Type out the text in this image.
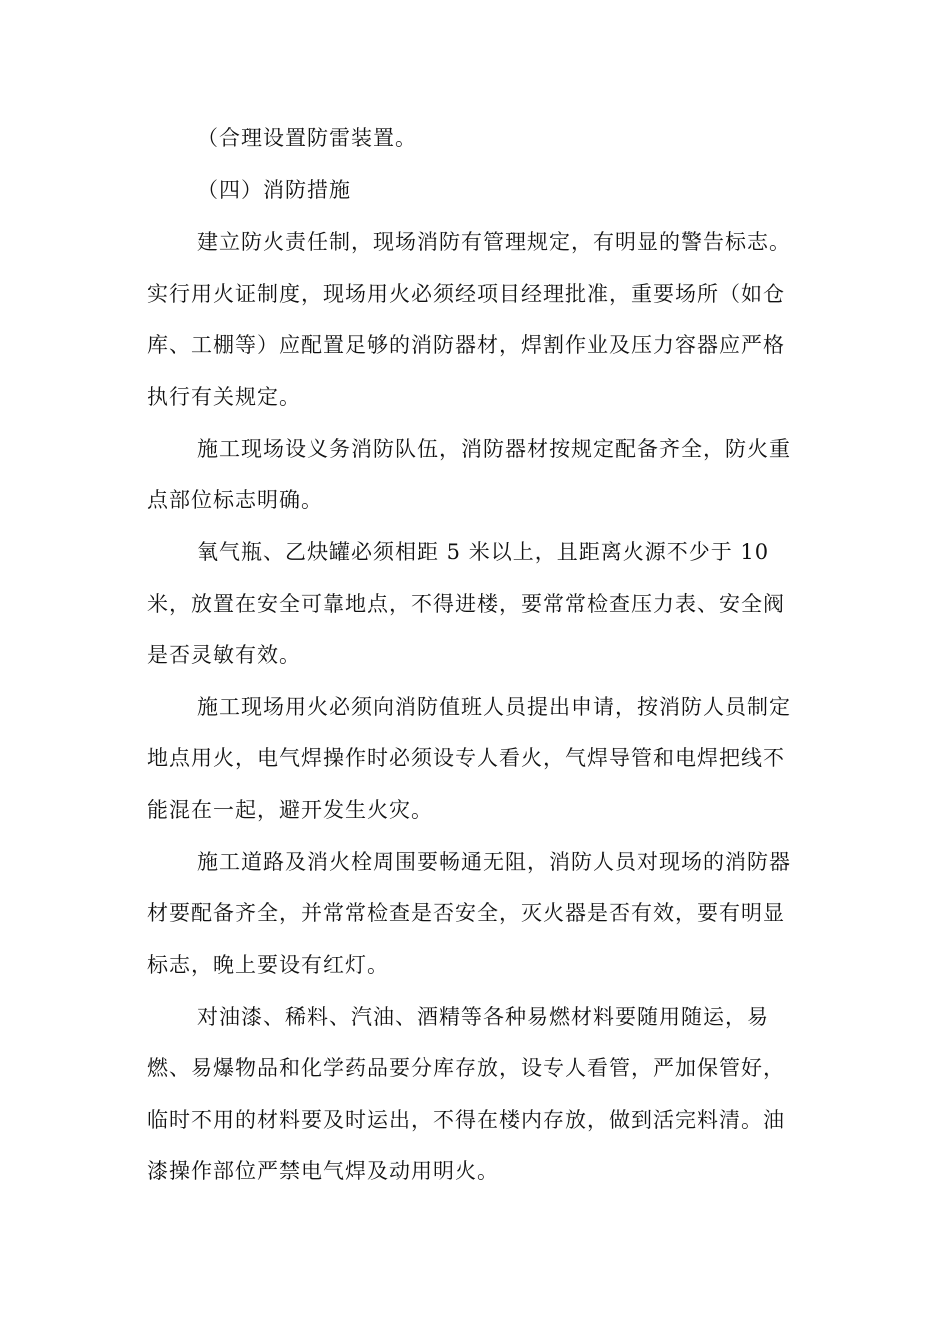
（合理设置防雷装置。
（四）消防措施
建立防火责任制，现场消防有管理规定，有明显的警告标志。
实行用火证制度，现场用火必须经项目经理批准，重要场所（如仓
库、工棚等）应配置足够的消防器材，焊割作业及压力容器应严格
执行有关规定。
施工现场设义务消防队伍，消防器材按规定配备齐全，防火重
点部位标志明确。
氧气瓶、乙炔罐必须相距 5 米以上，且距离火源不少于 10
米，放置在安全可靠地点，不得进楼，要常常检查压力表、安全阀
是否灵敏有效。
施工现场用火必须向消防值班人员提出申请，按消防人员制定
地点用火，电气焊操作时必须设专人看火，气焊导管和电焊把线不
能混在一起，避开发生火灾。
施工道路及消火栓周围要畅通无阻，消防人员对现场的消防器
材要配备齐全，并常常检查是否安全，灭火器是否有效，要有明显
标志，晚上要设有红灯。
对油漆、稀料、汽油、酒精等各种易燃材料要随用随运，易
燃、易爆物品和化学药品要分库存放，设专人看管，严加保管好，
临时不用的材料要及时运出，不得在楼内存放，做到活完料清。油
漆操作部位严禁电气焊及动用明火。
